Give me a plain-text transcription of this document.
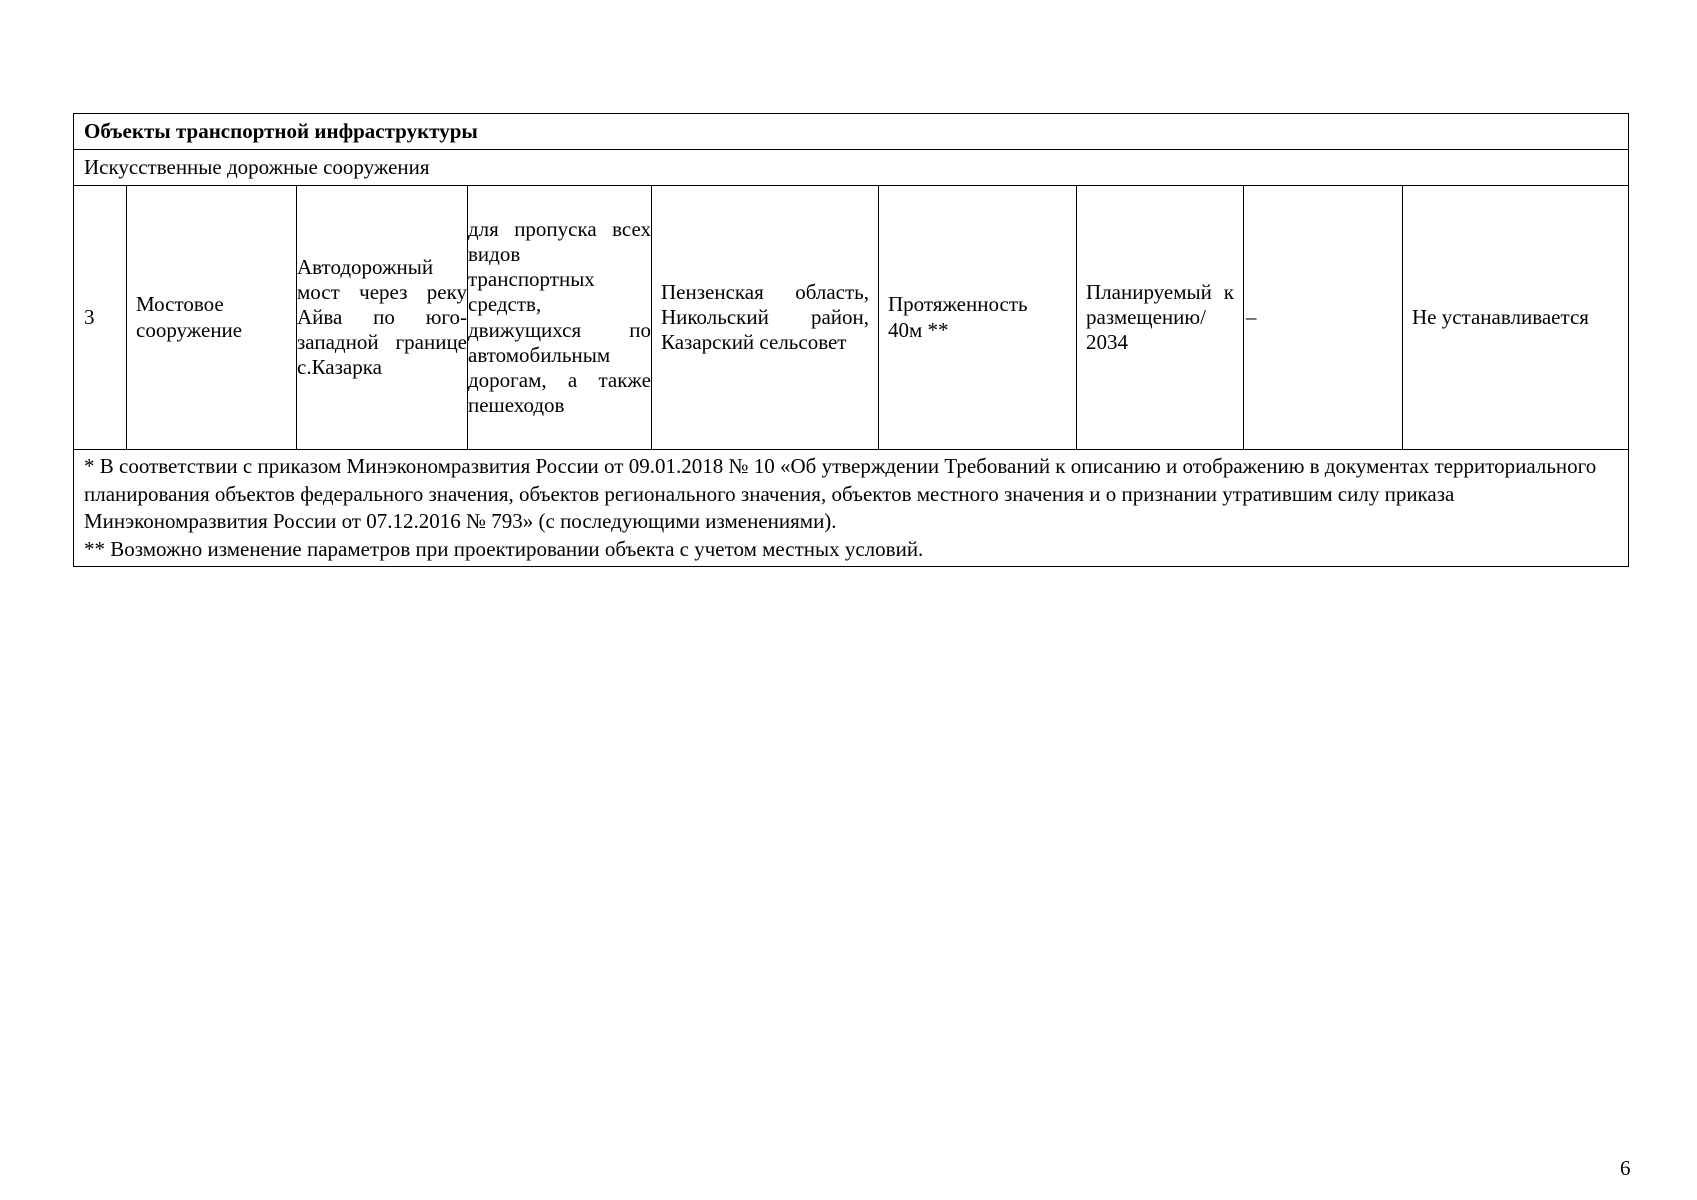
Объекты транспортной инфраструктуры
Искусственные дорожные сооружения
3	Мостовое сооружение	Автодорожный мост через реку Айва по юго-западной границе с.Казарка	для пропуска всех видов транспортных средств, движущихся по автомобильным дорогам, а также пешеходов	Пензенская область, Никольский район, Казарский сельсовет	Протяженность 40м **	Планируемый к размещению/ 2034	–	Не устанавливается

* В соответствии с приказом Минэкономразвития России от 09.01.2018 № 10 «Об утверждении Требований к описанию и отображению в документах территориального планирования объектов федерального значения, объектов регионального значения, объектов местного значения и о признании утратившим силу приказа Минэкономразвития России от 07.12.2016 № 793» (с последующими изменениями).
** Возможно изменение параметров при проектировании объекта с учетом местных условий.
6
